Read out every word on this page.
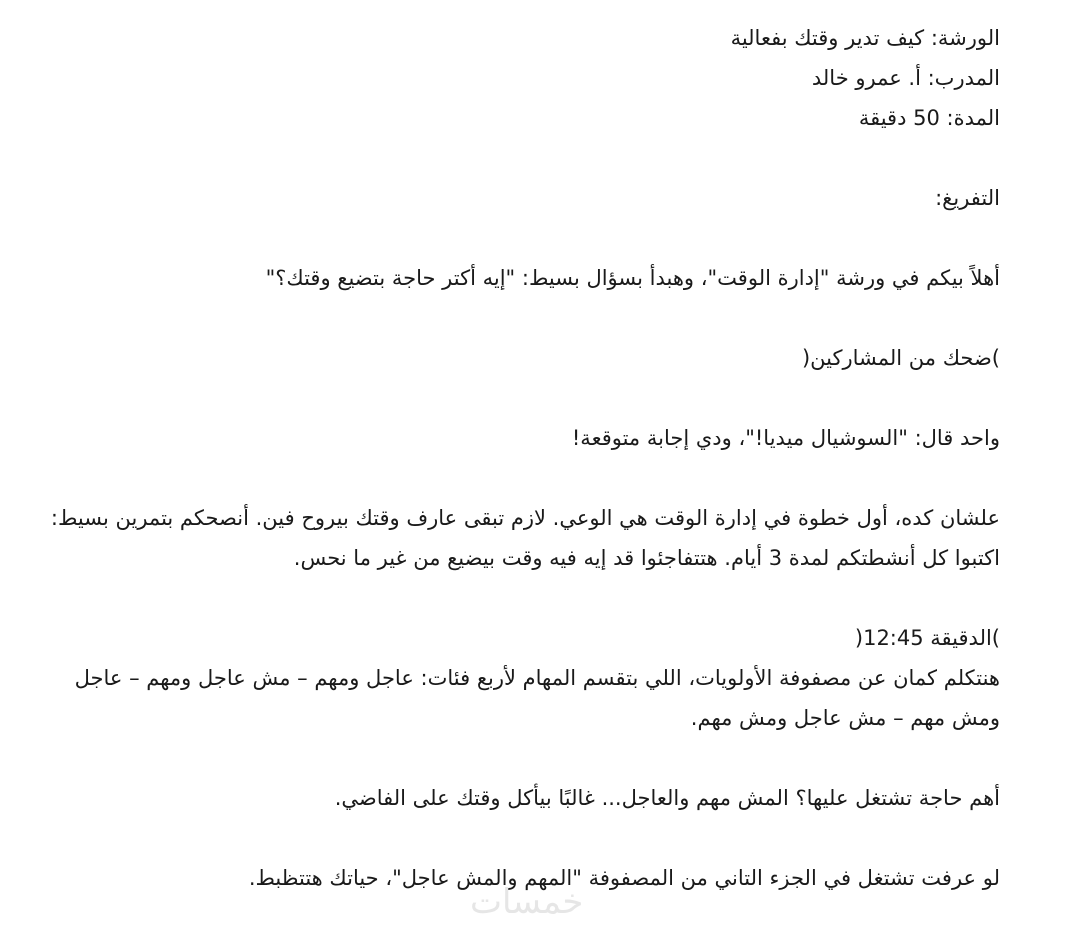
الورشة: كيف تدير وقتك بفعالية

المدرب: أ. عمرو خالد

المدة: 50 دقيقة

التفريغ:

أهلاً بيكم في ورشة "إدارة الوقت"، وهبدأ بسؤال بسيط: "إيه أكتر حاجة بتضيع وقتك؟"

)ضحك من المشاركين(

واحد قال: "السوشيال ميديا!"، ودي إجابة متوقعة!

علشان كده، أول خطوة في إدارة الوقت هي الوعي. لازم تبقى عارف وقتك بيروح فين. أنصحكم بتمرين بسيط: اكتبوا كل أنشطتكم لمدة 3 أيام. هتتفاجئوا قد إيه فيه وقت بيضيع من غير ما نحس.

)الدقيقة 12:45(

هنتكلم كمان عن مصفوفة الأولويات، اللي بتقسم المهام لأربع فئات: عاجل ومهم – مش عاجل ومهم – عاجل ومش مهم – مش عاجل ومش مهم.

أهم حاجة تشتغل عليها؟ المش مهم والعاجل... غالبًا بيأكل وقتك على الفاضي.

لو عرفت تشتغل في الجزء التاني من المصفوفة "المهم والمش عاجل"، حياتك هتتظبط.

خمسات
